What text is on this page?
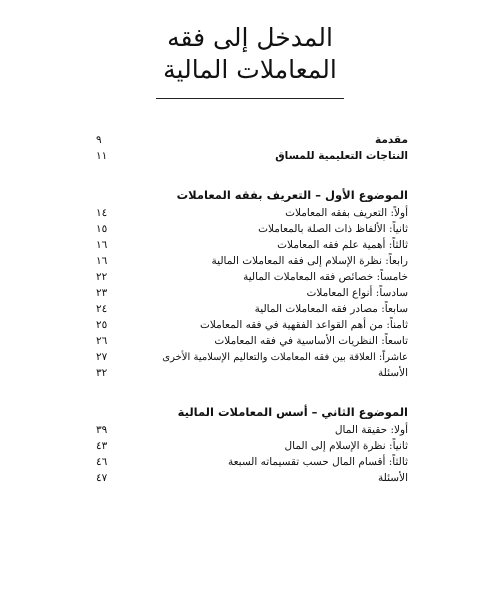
المدخل إلى فقه
المعاملات المالية
مقدمة
٩
النتاجات التعليمية للمساق
١١
الموضوع الأول – التعريف بفقه المعاملات
أولاً: التعريف بفقه المعاملات
١٤
ثانياً: الألفاظ ذات الصلة بالمعاملات
١٥
ثالثاً: أهمية علم فقه المعاملات
١٦
رابعاً: نظرة الإسلام إلى فقه المعاملات المالية
١٦
خامساً: خصائص فقه المعاملات المالية
٢٢
سادساً: أنواع المعاملات
٢٣
سابعاً: مصادر فقه المعاملات المالية
٢٤
ثامناً: من أهم القواعد الفقهية في فقه المعاملات
٢٥
تاسعاً: النظريات الأساسية في فقه المعاملات
٢٦
عاشراً: العلاقة بين فقه المعاملات والتعاليم الإسلامية الأخرى
٢٧
الأسئلة
٣٢
الموضوع الثاني – أسس المعاملات المالية
أولا: حقيقة المال
٣٩
ثانياً: نظرة الإسلام إلى المال
٤٣
ثالثاً: أقسام المال حسب تقسيماته السبعة
٤٦
الأسئلة
٤٧
